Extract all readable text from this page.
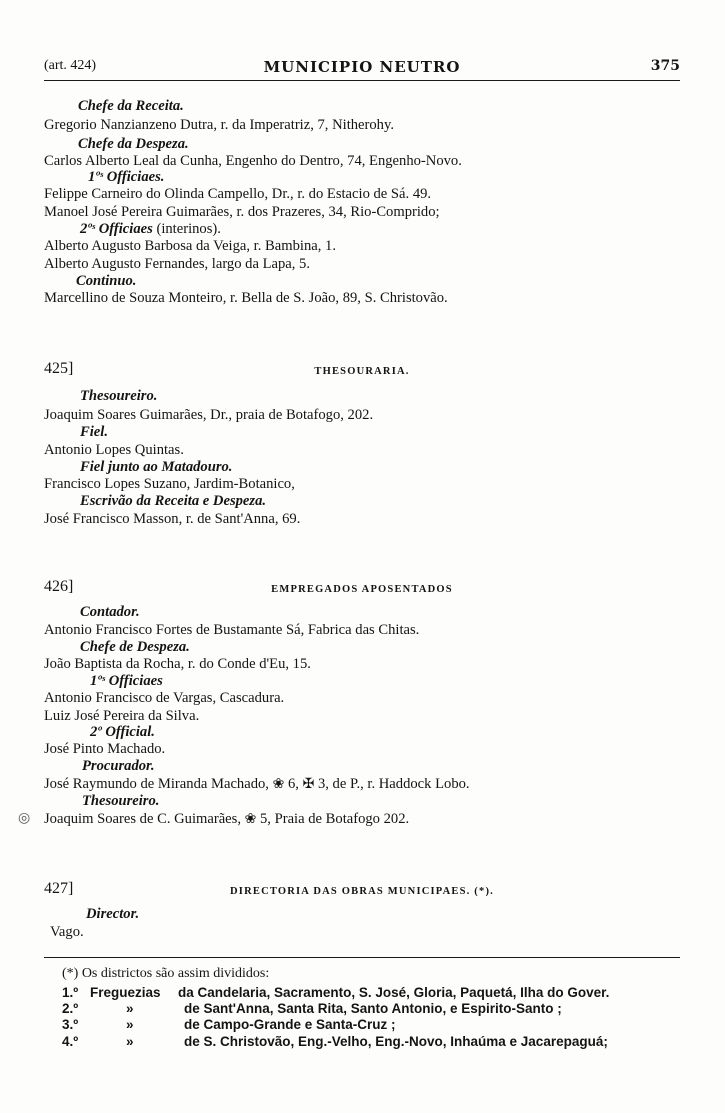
(art. 424)	MUNICIPIO NEUTRO	375
Chefe da Receita.
Gregorio Nanzianzeno Dutra, r. da Imperatriz, 7, Nitherohy.
Chefe da Despeza.
Carlos Alberto Leal da Cunha, Engenho do Dentro, 74, Engenho-Novo.
1ºˢ Officiaes.
Felippe Carneiro do Olinda Campello, Dr., r. do Estacio de Sá. 49.
Manoel José Pereira Guimarães, r. dos Prazeres, 34, Rio-Comprido;
2ºˢ Officiaes (interinos).
Alberto Augusto Barbosa da Veiga, r. Bambina, 1.
Alberto Augusto Fernandes, largo da Lapa, 5.
Continuo.
Marcellino de Souza Monteiro, r. Bella de S. João, 89, S. Christovão.
425]	THESOURARIA.
Thesoureiro.
Joaquim Soares Guimarães, Dr., praia de Botafogo, 202.
Fiel.
Antonio Lopes Quintas.
Fiel junto ao Matadouro.
Francisco Lopes Suzano, Jardim-Botanico,
Escrivão da Receita e Despeza.
José Francisco Masson, r. de Sant'Anna, 69.
426]	EMPREGADOS APOSENTADOS
Contador.
Antonio Francisco Fortes de Bustamante Sá, Fabrica das Chitas.
Chefe de Despeza.
João Baptista da Rocha, r. do Conde d'Eu, 15.
1ºˢ Officiaes
Antonio Francisco de Vargas, Cascadura.
Luiz José Pereira da Silva.
2º Official.
José Pinto Machado.
Procurador.
José Raymundo de Miranda Machado, ❀ 6, ✠ 3, de P., r. Haddock Lobo.
Thesoureiro.
Joaquim Soares de C. Guimarães, ❀ 5, Praia de Botafogo 202.
427]	DIRECTORIA DAS OBRAS MUNICIPAES. (*).
Director.
Vago.
(*) Os districtos são assim divididos:
1.º Freguezias da Candelaria, Sacramento, S. José, Gloria, Paquetá, Ilha do Gover.
2.º	»	de Sant'Anna, Santa Rita, Santo Antonio, e Espirito-Santo ;
3.º	»	de Campo-Grande e Santa-Cruz ;
4.º	»	de S. Christovão, Eng.-Velho, Eng.-Novo, Inhaúma e Jacarepaguá;
◎
